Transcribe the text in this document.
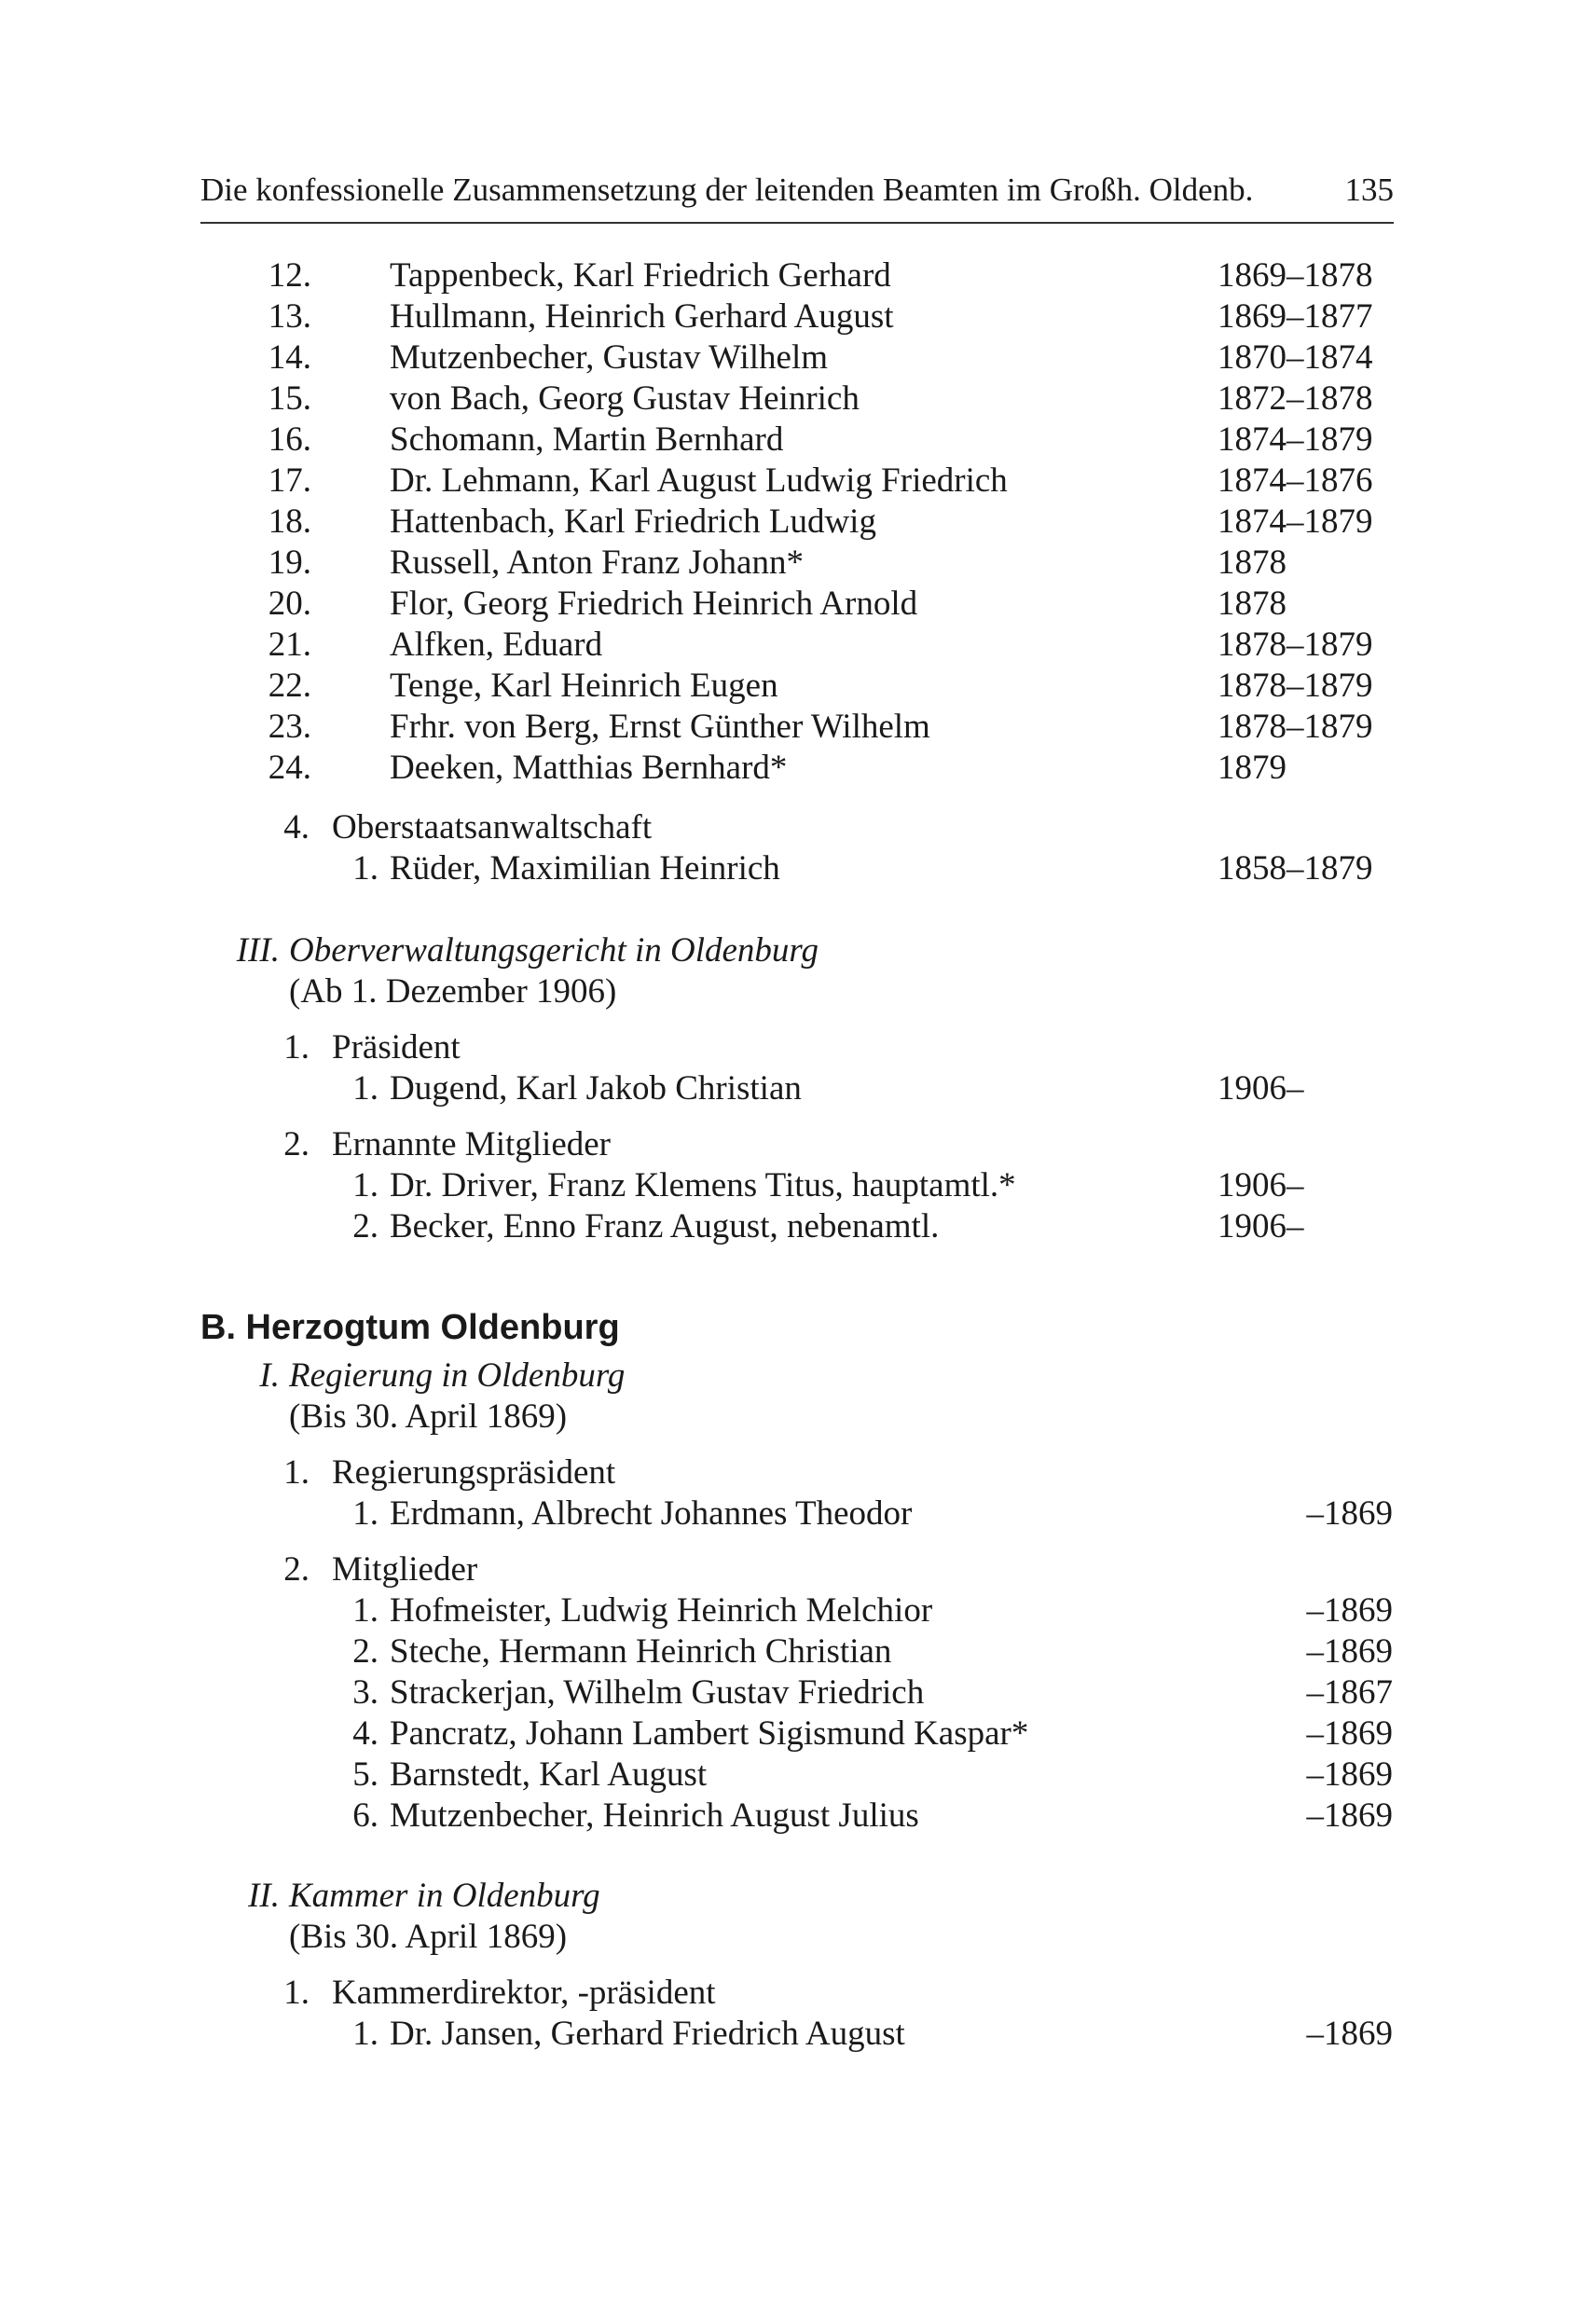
Die konfessionelle Zusammensetzung der leitenden Beamten im Großh. Oldenb.	135
12. Tappenbeck, Karl Friedrich Gerhard	1869–1878
13. Hullmann, Heinrich Gerhard August	1869–1877
14. Mutzenbecher, Gustav Wilhelm	1870–1874
15. von Bach, Georg Gustav Heinrich	1872–1878
16. Schomann, Martin Bernhard	1874–1879
17. Dr. Lehmann, Karl August Ludwig Friedrich	1874–1876
18. Hattenbach, Karl Friedrich Ludwig	1874–1879
19. Russell, Anton Franz Johann*	1878
20. Flor, Georg Friedrich Heinrich Arnold	1878
21. Alfken, Eduard	1878–1879
22. Tenge, Karl Heinrich Eugen	1878–1879
23. Frhr. von Berg, Ernst Günther Wilhelm	1878–1879
24. Deeken, Matthias Bernhard*	1879
4. Oberstaatsanwaltschaft
1. Rüder, Maximilian Heinrich	1858–1879
III. Oberverwaltungsgericht in Oldenburg
(Ab 1. Dezember 1906)
1. Präsident
1. Dugend, Karl Jakob Christian	1906–
2. Ernannte Mitglieder
1. Dr. Driver, Franz Klemens Titus, hauptamtl.*	1906–
2. Becker, Enno Franz August, nebenamtl.	1906–
B. Herzogtum Oldenburg
I. Regierung in Oldenburg
(Bis 30. April 1869)
1. Regierungspräsident
1. Erdmann, Albrecht Johannes Theodor	–1869
2. Mitglieder
1. Hofmeister, Ludwig Heinrich Melchior	–1869
2. Steche, Hermann Heinrich Christian	–1869
3. Strackerjan, Wilhelm Gustav Friedrich	–1867
4. Pancratz, Johann Lambert Sigismund Kaspar*	–1869
5. Barnstedt, Karl August	–1869
6. Mutzenbecher, Heinrich August Julius	–1869
II. Kammer in Oldenburg
(Bis 30. April 1869)
1. Kammerdirektor, -präsident
1. Dr. Jansen, Gerhard Friedrich August	–1869
